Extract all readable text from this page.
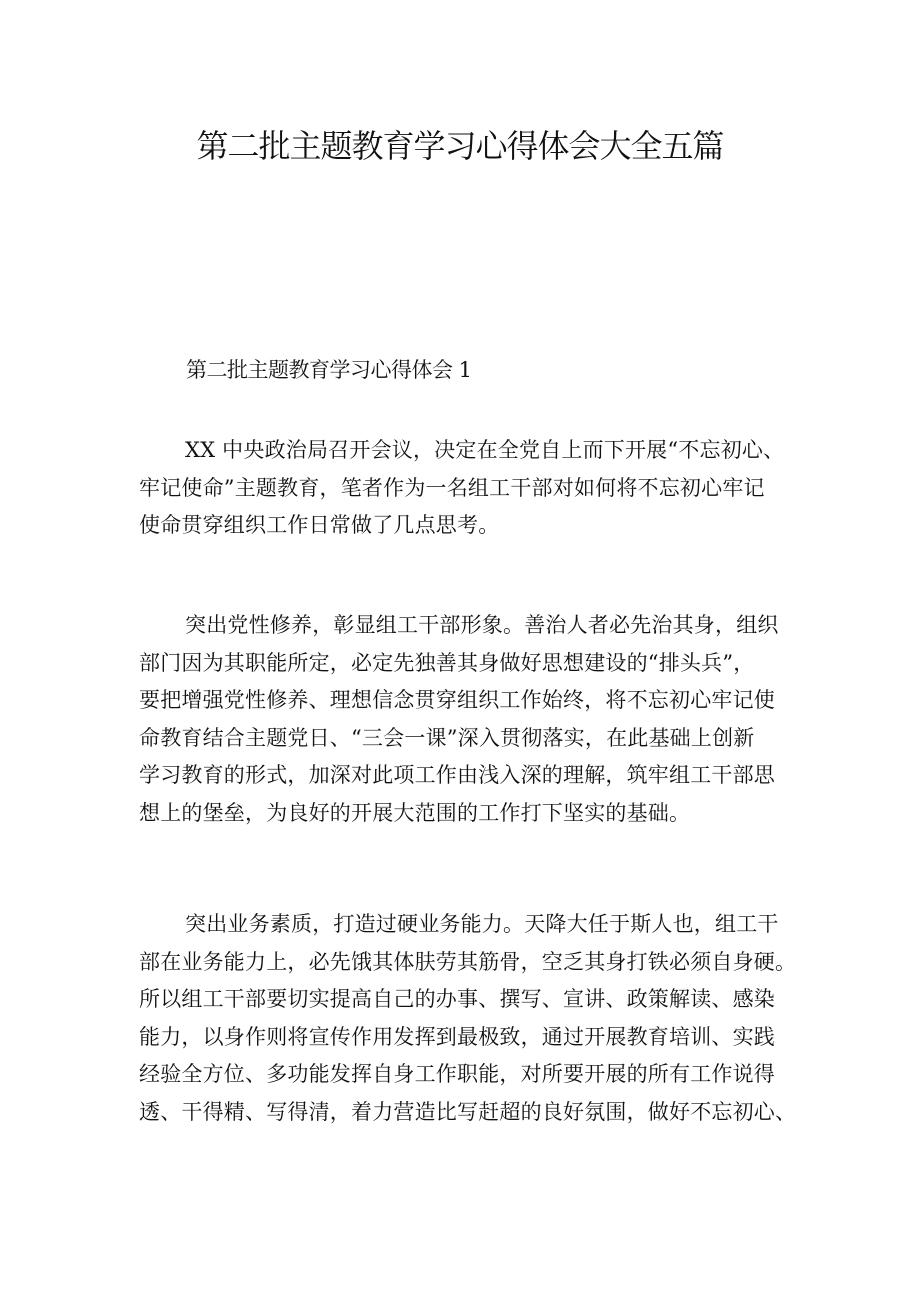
第二批主题教育学习心得体会大全五篇
第二批主题教育学习心得体会 1
XX 中央政治局召开会议，决定在全党自上而下开展“不忘初心、
牢记使命”主题教育，笔者作为一名组工干部对如何将不忘初心牢记
使命贯穿组织工作日常做了几点思考。
突出党性修养，彰显组工干部形象。善治人者必先治其身，组织
部门因为其职能所定，必定先独善其身做好思想建设的“排头兵”，
要把增强党性修养、理想信念贯穿组织工作始终，将不忘初心牢记使
命教育结合主题党日、“三会一课”深入贯彻落实，在此基础上创新
学习教育的形式，加深对此项工作由浅入深的理解，筑牢组工干部思
想上的堡垒，为良好的开展大范围的工作打下坚实的基础。
突出业务素质，打造过硬业务能力。天降大任于斯人也，组工干
部在业务能力上，必先饿其体肤劳其筋骨，空乏其身打铁必须自身硬。
所以组工干部要切实提高自己的办事、撰写、宣讲、政策解读、感染
能力，以身作则将宣传作用发挥到最极致，通过开展教育培训、实践
经验全方位、多功能发挥自身工作职能，对所要开展的所有工作说得
透、干得精、写得清，着力营造比写赶超的良好氛围，做好不忘初心、
